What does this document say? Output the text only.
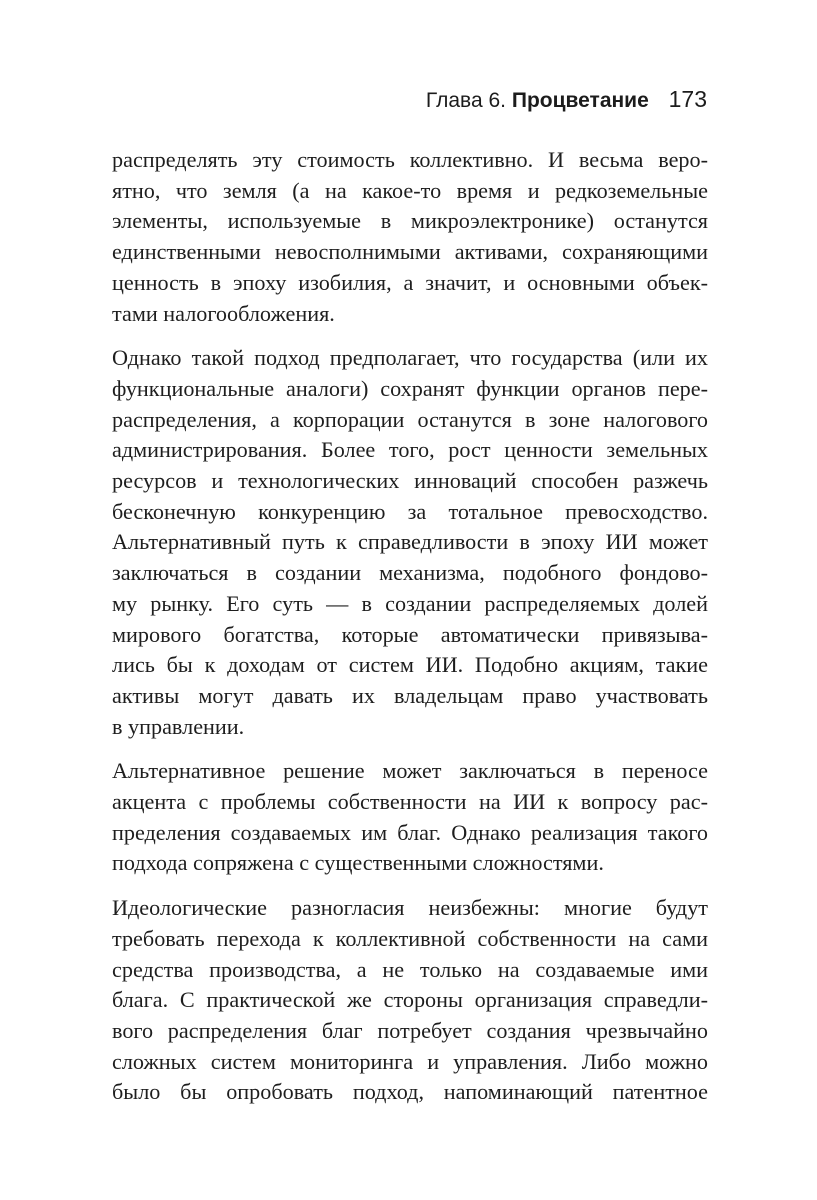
Глава 6. Процветание 173

распределять эту стоимость коллективно. И весьма веро-
ятно, что земля (а на какое-то время и редкоземельные
элементы, используемые в микроэлектронике) останутся
единственными невосполнимыми активами, сохраняющими
ценность в эпоху изобилия, а значит, и основными объек-
тами налогообложения.

Однако такой подход предполагает, что государства (или их
функциональные аналоги) сохранят функции органов пере-
распределения, а корпорации останутся в зоне налогового
администрирования. Более того, рост ценности земельных
ресурсов и технологических инноваций способен разжечь
бесконечную конкуренцию за тотальное превосходство.
Альтернативный путь к справедливости в эпоху ИИ может
заключаться в создании механизма, подобного фондово-
му рынку. Его суть — в создании распределяемых долей
мирового богатства, которые автоматически привязыва-
лись бы к доходам от систем ИИ. Подобно акциям, такие
активы могут давать их владельцам право участвовать
в управлении.

Альтернативное решение может заключаться в переносе
акцента с проблемы собственности на ИИ к вопросу рас-
пределения создаваемых им благ. Однако реализация такого
подхода сопряжена с существенными сложностями.

Идеологические разногласия неизбежны: многие будут
требовать перехода к коллективной собственности на сами
средства производства, а не только на создаваемые ими
блага. С практической же стороны организация справедли-
вого распределения благ потребует создания чрезвычайно
сложных систем мониторинга и управления. Либо можно
было бы опробовать подход, напоминающий патентное
